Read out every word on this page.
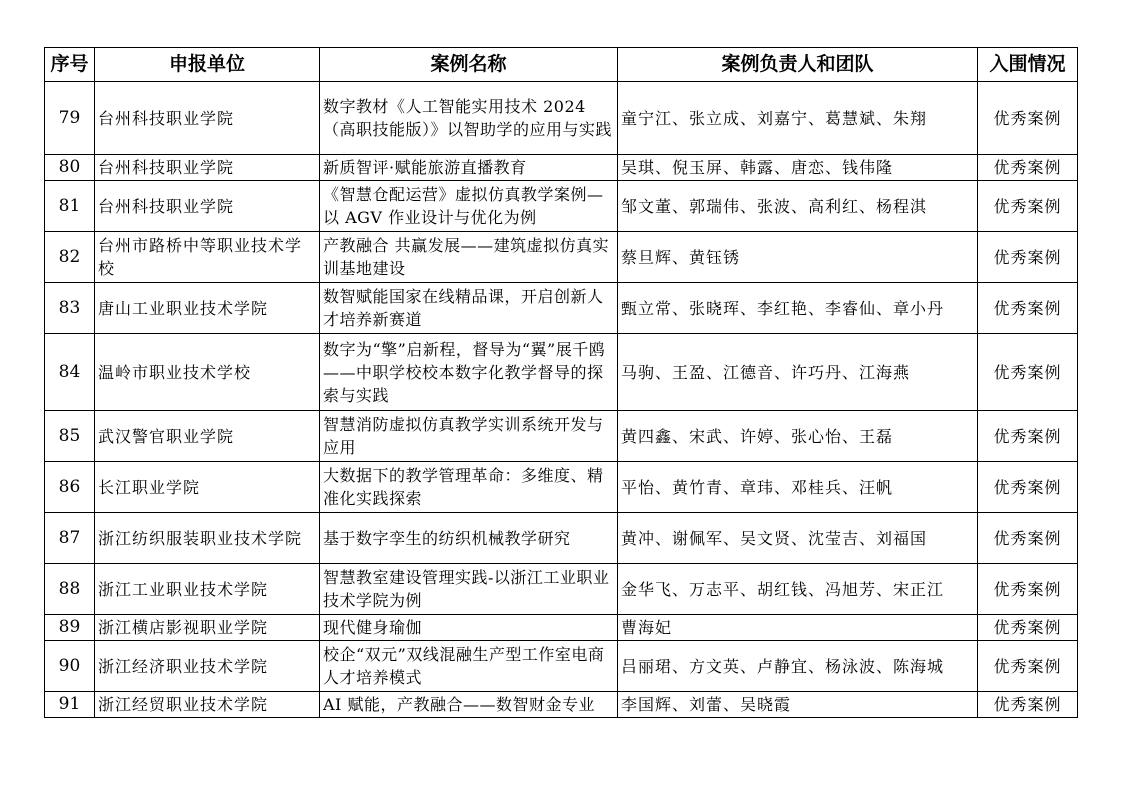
序号	申报单位	案例名称	案例负责人和团队	入围情况
79	台州科技职业学院	数字教材《人工智能实用技术 2024（高职技能版）》以智助学的应用与实践	童宁江、张立成、刘嘉宁、葛慧斌、朱翔	优秀案例
80	台州科技职业学院	新质智评·赋能旅游直播教育	吴琪、倪玉屏、韩露、唐恋、钱伟隆	优秀案例
81	台州科技职业学院	《智慧仓配运营》虚拟仿真教学案例—以 AGV 作业设计与优化为例	邹文董、郭瑞伟、张波、高利红、杨程淇	优秀案例
82	台州市路桥中等职业技术学校	产教融合 共赢发展——建筑虚拟仿真实训基地建设	蔡旦辉、黄钰锈	优秀案例
83	唐山工业职业技术学院	数智赋能国家在线精品课，开启创新人才培养新赛道	甄立常、张晓珲、李红艳、李睿仙、章小丹	优秀案例
84	温岭市职业技术学校	数字为“擎”启新程，督导为“翼”展千鸥——中职学校校本数字化教学督导的探索与实践	马驹、王盈、江德音、许巧丹、江海燕	优秀案例
85	武汉警官职业学院	智慧消防虚拟仿真教学实训系统开发与应用	黄四鑫、宋武、许婷、张心怡、王磊	优秀案例
86	长江职业学院	大数据下的教学管理革命：多维度、精准化实践探索	平怡、黄竹青、章玮、邓桂兵、汪帆	优秀案例
87	浙江纺织服装职业技术学院	基于数字孪生的纺织机械教学研究	黄冲、谢佩军、吴文贤、沈莹吉、刘福国	优秀案例
88	浙江工业职业技术学院	智慧教室建设管理实践-以浙江工业职业技术学院为例	金华飞、万志平、胡红钱、冯旭芳、宋正江	优秀案例
89	浙江横店影视职业学院	现代健身瑜伽	曹海妃	优秀案例
90	浙江经济职业技术学院	校企“双元”双线混融生产型工作室电商人才培养模式	吕丽珺、方文英、卢静宜、杨泳波、陈海城	优秀案例
91	浙江经贸职业技术学院	AI 赋能，产教融合——数智财金专业	李国辉、刘蕾、吴晓霞	优秀案例
